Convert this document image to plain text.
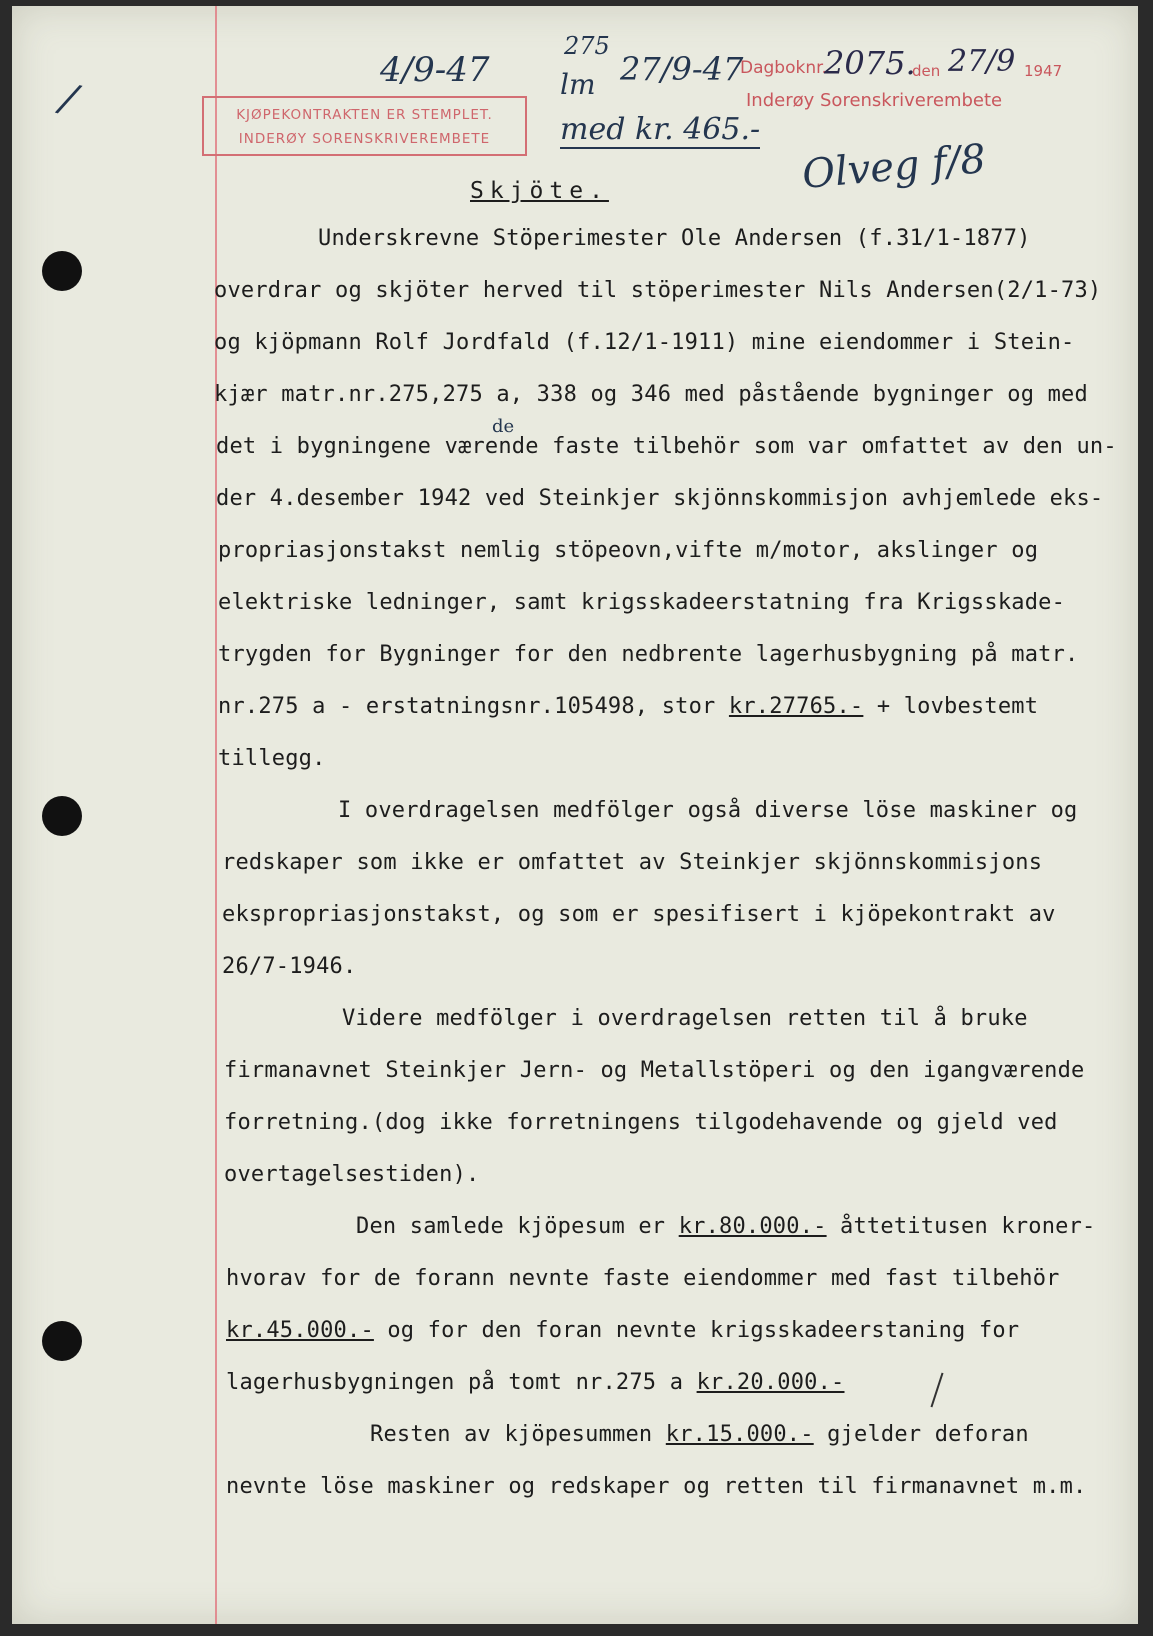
/	KJØPEKONTRAKTEN ER STEMPLET.
INDERØY SORENSKRIVEREMBETE
4/9-47
275
lm 27/9-47
med kr. 465.-
Dagboknr.
2075.
den 27/9 1947
Inderøy Sorenskriverembete
Olveg f/8
Skjöte.
de
Underskrevne Stöperimester Ole Andersen (f.31/1-1877)
overdrar og skjöter herved til stöperimester Nils Andersen(2/1-73)
og kjöpmann Rolf Jordfald (f.12/1-1911) mine eiendommer i Stein-
kjær matr.nr.275,275 a, 338 og 346 med påstående bygninger og med
det i bygningene værende faste tilbehör som var omfattet av den un-
der 4.desember 1942 ved Steinkjer skjönnskommisjon avhjemlede eks-
propriasjonstakst nemlig stöpeovn,vifte m/motor, akslinger og
elektriske ledninger, samt krigsskadeerstatning fra Krigsskade-
trygden for Bygninger for den nedbrente lagerhusbygning på matr.
nr.275 a - erstatningsnr.105498, stor kr.27765.- + lovbestemt
tillegg.
I overdragelsen medfölger også diverse löse maskiner og
redskaper som ikke er omfattet av Steinkjer skjönnskommisjons
ekspropriasjonstakst, og som er spesifisert i kjöpekontrakt av
26/7-1946.
Videre medfölger i overdragelsen retten til å bruke
firmanavnet Steinkjer Jern- og Metallstöperi og den igangværende
forretning.(dog ikke forretningens tilgodehavende og gjeld ved
overtagelsestiden).
Den samlede kjöpesum er kr.80.000.- åttetitusen kroner-
hvorav for de forann nevnte faste eiendommer med fast tilbehör
kr.45.000.- og for den foran nevnte krigsskadeerstaning for
lagerhusbygningen på tomt nr.275 a kr.20.000.-
Resten av kjöpesummen kr.15.000.- gjelder deforan
nevnte löse maskiner og redskaper og retten til firmanavnet m.m.
